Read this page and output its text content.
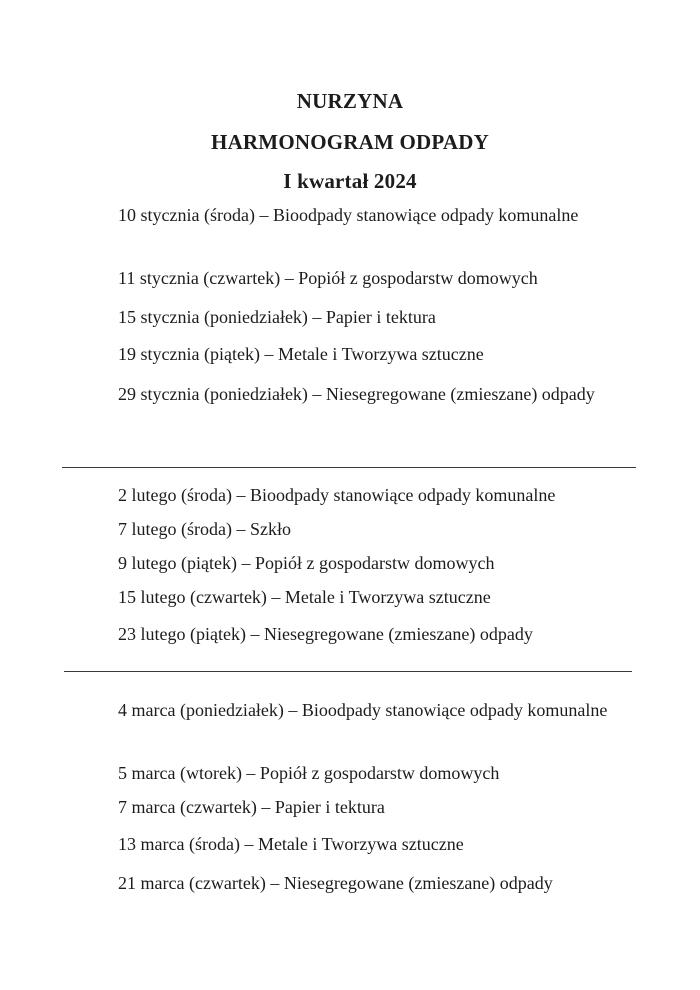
NURZYNA
HARMONOGRAM ODPADY
I kwartał 2024

10 stycznia (środa) – Bioodpady stanowiące odpady komunalne

11 stycznia (czwartek) – Popiół z gospodarstw domowych

15 stycznia (poniedziałek) – Papier i tektura

19 stycznia (piątek) – Metale i Tworzywa sztuczne

29 stycznia (poniedziałek) – Niesegregowane (zmieszane) odpady

2 lutego (środa) – Bioodpady stanowiące odpady komunalne

7 lutego (środa) – Szkło

9 lutego (piątek) – Popiół z gospodarstw domowych

15 lutego (czwartek) – Metale i Tworzywa sztuczne

23 lutego (piątek) – Niesegregowane (zmieszane) odpady

4 marca (poniedziałek) – Bioodpady stanowiące odpady komunalne

5 marca (wtorek) – Popiół z gospodarstw domowych

7 marca (czwartek) – Papier i tektura

13 marca (środa) – Metale i Tworzywa sztuczne

21 marca (czwartek) – Niesegregowane (zmieszane) odpady
